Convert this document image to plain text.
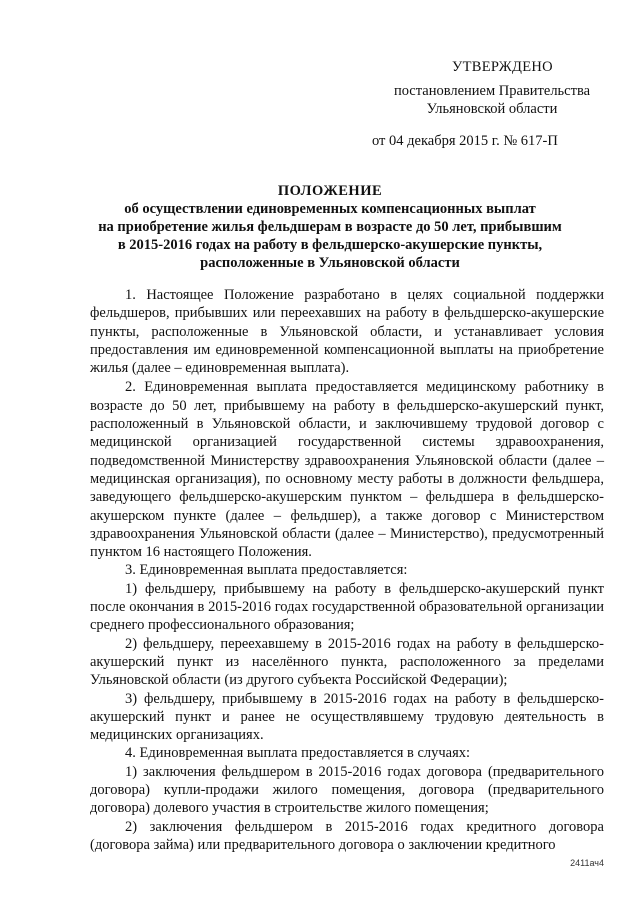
УТВЕРЖДЕНО
постановлением Правительства
Ульяновской области
от 04 декабря 2015 г. № 617-П
ПОЛОЖЕНИЕ
об осуществлении единовременных компенсационных выплат
на приобретение жилья фельдшерам в возрасте до 50 лет, прибывшим
в 2015-2016 годах на работу в фельдшерско-акушерские пункты,
расположенные в Ульяновской области

1. Настоящее Положение разработано в целях социальной поддержки фельдшеров, прибывших или переехавших на работу в фельдшерско-акушерские пункты, расположенные в Ульяновской области, и устанавливает условия предоставления им единовременной компенсационной выплаты на приобретение жилья (далее – единовременная выплата).

2. Единовременная выплата предоставляется медицинскому работнику в возрасте до 50 лет, прибывшему на работу в фельдшерско-акушерский пункт, расположенный в Ульяновской области, и заключившему трудовой договор с медицинской организацией государственной системы здравоохранения, подведомственной Министерству здравоохранения Ульяновской области (далее – медицинская организация), по основному месту работы в должности фельдшера, заведующего фельдшерско-акушерским пунктом – фельдшера в фельдшерско-акушерском пункте (далее – фельдшер), а также договор с Министерством здравоохранения Ульяновской области (далее – Министерство), предусмотренный пунктом 16 настоящего Положения.

3. Единовременная выплата предоставляется:

1) фельдшеру, прибывшему на работу в фельдшерско-акушерский пункт после окончания в 2015-2016 годах государственной образовательной организации среднего профессионального образования;

2) фельдшеру, переехавшему в 2015-2016 годах на работу в фельдшерско-акушерский пункт из населённого пункта, расположенного за пределами Ульяновской области (из другого субъекта Российской Федерации);

3) фельдшеру, прибывшему в 2015-2016 годах на работу в фельдшерско-акушерский пункт и ранее не осуществлявшему трудовую деятельность в медицинских организациях.

4. Единовременная выплата предоставляется в случаях:

1) заключения фельдшером в 2015-2016 годах договора (предварительного договора) купли-продажи жилого помещения, договора (предварительного договора) долевого участия в строительстве жилого помещения;

2) заключения фельдшером в 2015-2016 годах кредитного договора (договора займа) или предварительного договора о заключении кредитного

2411ач4
